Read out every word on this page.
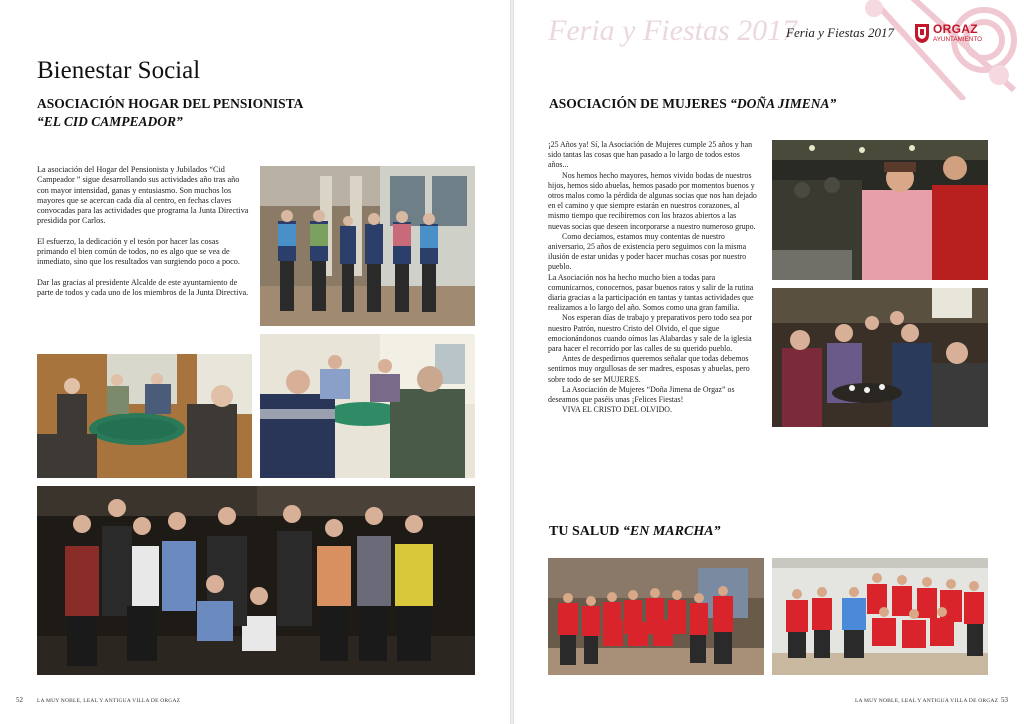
Bienestar Social
ASOCIACIÓN HOGAR DEL PENSIONISTA
“EL CID CAMPEADOR”

La asociación del Hogar del Pensionista y Jubilados “Cid Campeador ” sigue desarrollando sus actividades año tras año con mayor intensidad, ganas y entusiasmo. Son muchos los mayores que se acercan cada día al centro, en fechas claves convocadas para las actividades que programa la Junta Directiva presidida por Carlos.

El esfuerzo, la dedicación y el tesón por hacer las cosas primando el bien común de todos, no es algo que se vea de inmediato, sino que los resultados van surgiendo poco a poco.

Dar las gracias al presidente Alcalde de este ayuntamiento de parte de todos y cada uno de los miembros de la Junta Directiva.

52	LA MUY NOBLE, LEAL Y ANTIGUA VILLA DE ORGAZ
Feria y Fiestas 2017
Feria y Fiestas 2017	ORGAZ
AYUNTAMIENTO
ASOCIACIÓN DE MUJERES “DOÑA JIMENA”

¡25 Años ya! Sí, la Asociación de Mujeres cumple 25 años y han sido tantas las cosas que han pasado a lo largo de todos estos años...

Nos hemos hecho mayores, hemos vivido bodas de nuestros hijos, hemos sido abuelas, hemos pasado por momentos buenos y otros malos como la pérdida de algunas socias que nos han dejado en el camino y que siempre estarán en nuestros corazones, al mismo tiempo que recibiremos con los brazos abiertos a las nuevas socias que deseen incorporarse a nuestro numeroso grupo.

Como decíamos, estamos muy contentas de nuestro aniversario, 25 años de existencia pero seguimos con la misma ilusión de estar unidas y poder hacer muchas cosas por nuestro pueblo.

La Asociación nos ha hecho mucho bien a todas para comunicarnos, conocernos, pasar buenos ratos y salir de la rutina diaria gracias a la participación en tantas y tantas actividades que realizamos a lo largo del año. Somos como una gran familia.

Nos esperan días de trabajo y preparativos pero todo sea por nuestro Patrón, nuestro Cristo del Olvido, el que sigue emocionándonos cuando oímos las Alabardas y sale de la iglesia para hacer el recorrido por las calles de su querido pueblo.

Antes de despedirnos queremos señalar que todas debemos sentirnos muy orgullosas de ser madres, esposas y abuelas, pero sobre todo de ser MUJERES.

La Asociación de Mujeres “Doña Jimena de Orgaz” os deseamos que paséis unas ¡Felices Fiestas!

VIVA EL CRISTO DEL OLVIDO.

TU SALUD “EN MARCHA”
LA MUY NOBLE, LEAL Y ANTIGUA VILLA DE ORGAZ 53
